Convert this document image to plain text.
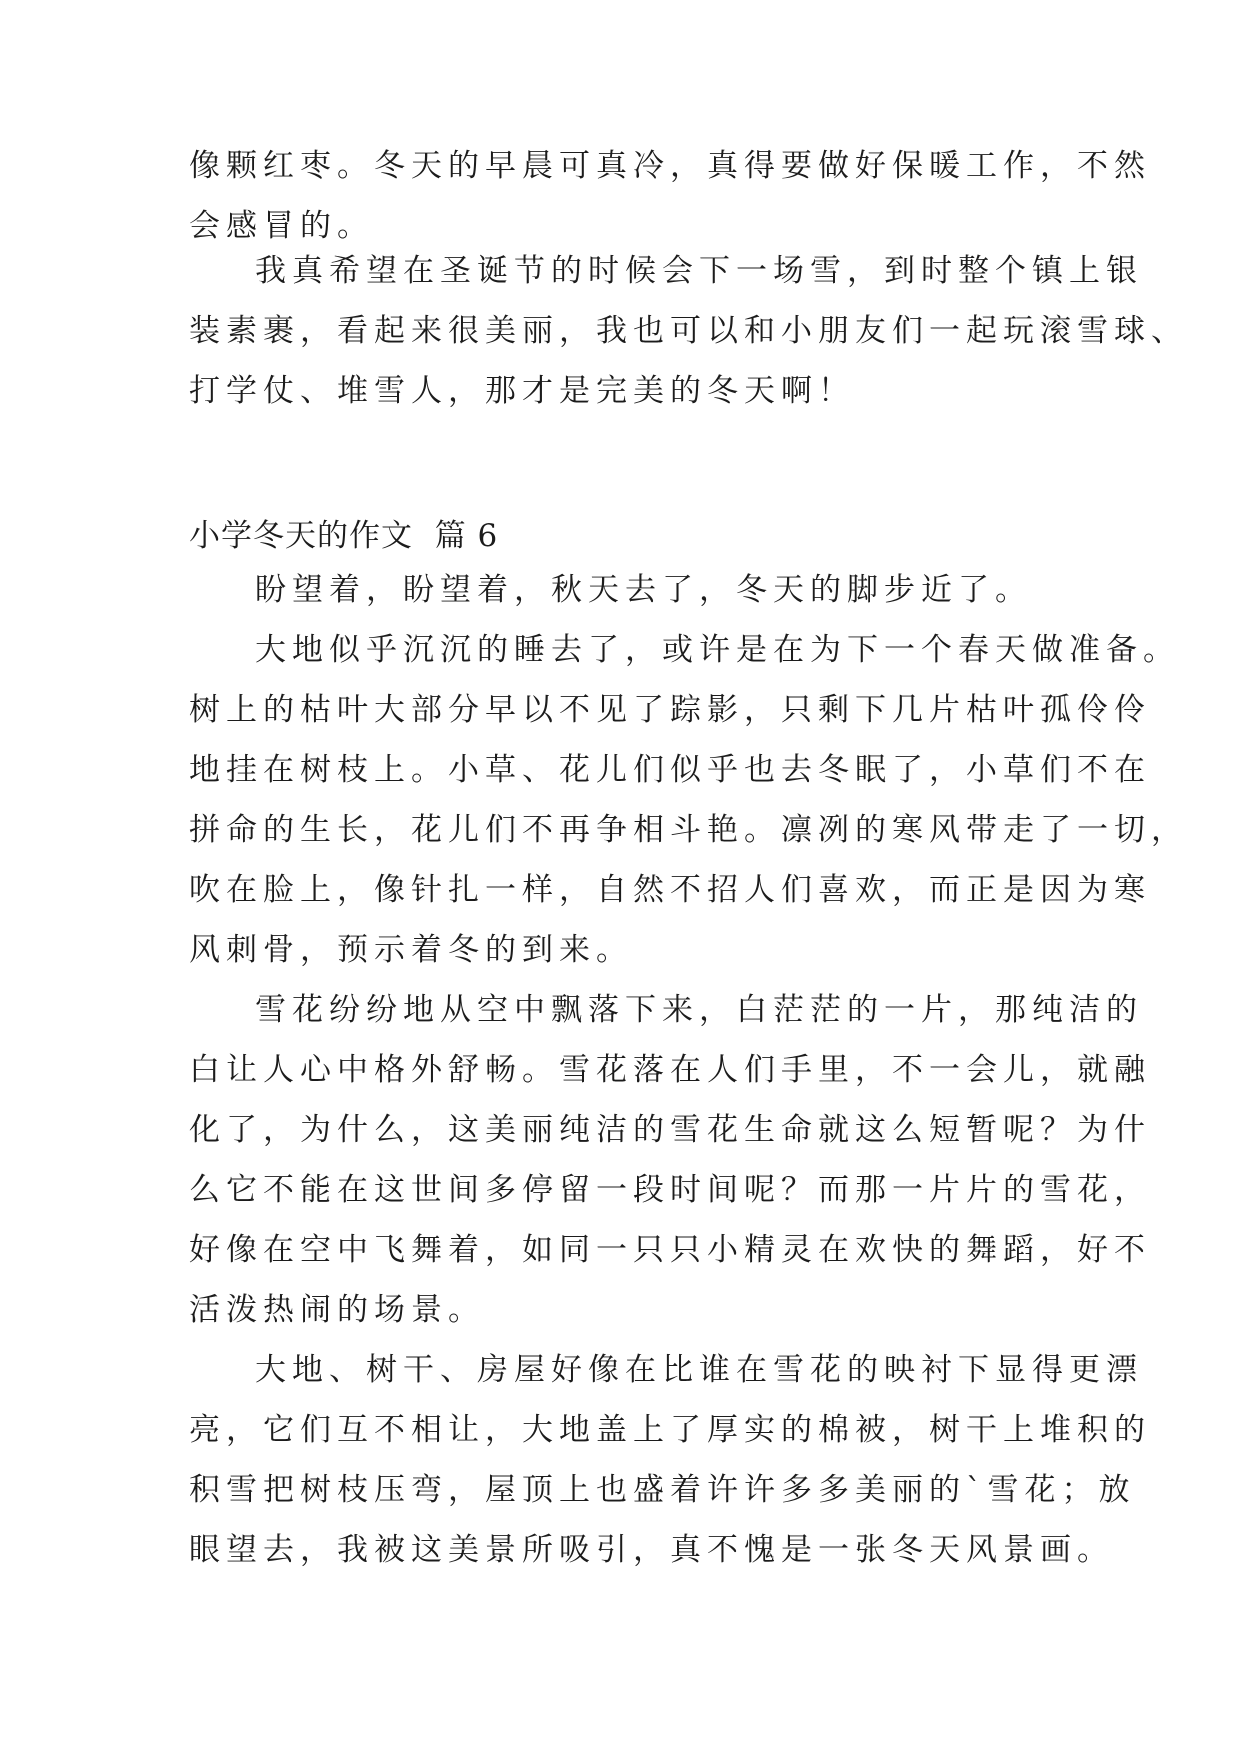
像颗红枣。冬天的早晨可真冷，真得要做好保暖工作，不然
会感冒的。
我真希望在圣诞节的时候会下一场雪，到时整个镇上银
装素裹，看起来很美丽，我也可以和小朋友们一起玩滚雪球、
打学仗、堆雪人，那才是完美的冬天啊！
小学冬天的作文  篇 6
盼望着，盼望着，秋天去了，冬天的脚步近了。
大地似乎沉沉的睡去了，或许是在为下一个春天做准备。
树上的枯叶大部分早以不见了踪影，只剩下几片枯叶孤伶伶
地挂在树枝上。小草、花儿们似乎也去冬眠了，小草们不在
拼命的生长，花儿们不再争相斗艳。凛冽的寒风带走了一切，
吹在脸上，像针扎一样，自然不招人们喜欢，而正是因为寒
风刺骨，预示着冬的到来。
雪花纷纷地从空中飘落下来，白茫茫的一片，那纯洁的
白让人心中格外舒畅。雪花落在人们手里，不一会儿，就融
化了，为什么，这美丽纯洁的雪花生命就这么短暂呢？为什
么它不能在这世间多停留一段时间呢？而那一片片的雪花，
好像在空中飞舞着，如同一只只小精灵在欢快的舞蹈，好不
活泼热闹的场景。
大地、树干、房屋好像在比谁在雪花的映衬下显得更漂
亮，它们互不相让，大地盖上了厚实的棉被，树干上堆积的
积雪把树枝压弯，屋顶上也盛着许许多多美丽的`雪花；放
眼望去，我被这美景所吸引，真不愧是一张冬天风景画。
